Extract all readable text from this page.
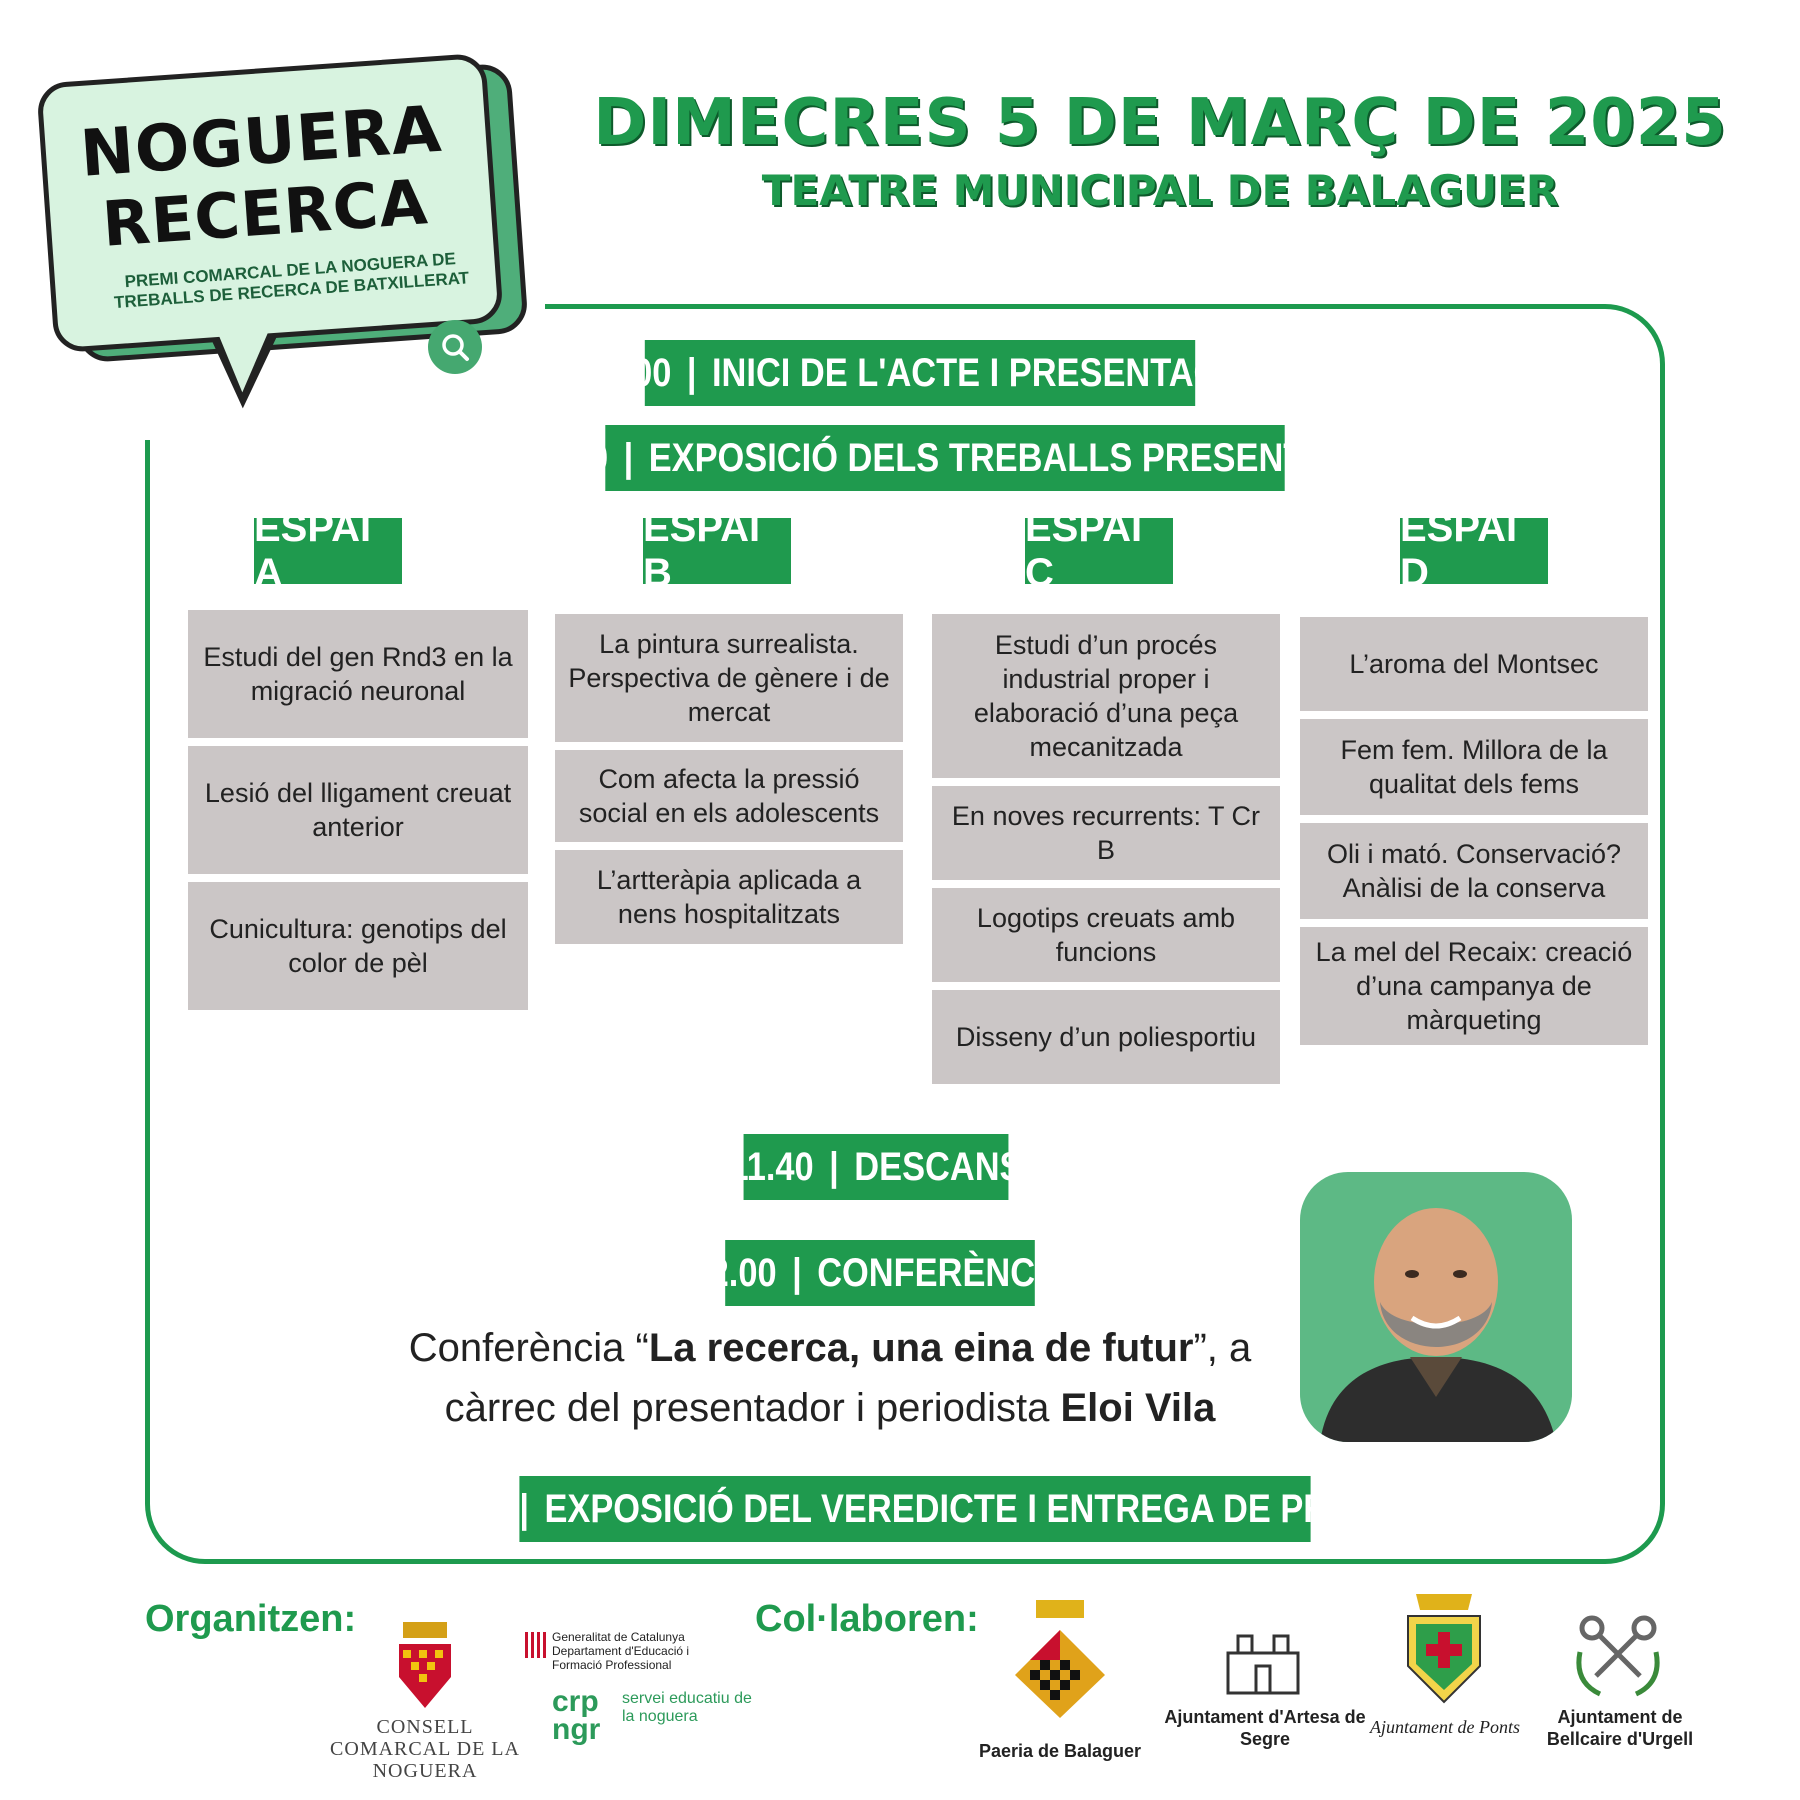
NOGUERA
RECERCA
PREMI COMARCAL DE LA NOGUERA DE TREBALLS DE RECERCA DE BATXILLERAT
DIMECRES 5 DE MARÇ DE 2025
TEATRE MUNICIPAL DE BALAGUER
10.00 | INICI DE L'ACTE I PRESENTACIÓ
10.20 | EXPOSICIÓ DELS TREBALLS PRESENTATS
ESPAI A
ESPAI B
ESPAI C
ESPAI D
Estudi del gen Rnd3 en la migració neuronal
Lesió del lligament creuat anterior
Cunicultura: genotips del color de pèl
La pintura surrealista. Perspectiva de gènere i de mercat
Com afecta la pressió social en els adolescents
L’artteràpia aplicada a nens hospitalitzats
Estudi d’un procés industrial proper i elaboració d’una peça mecanitzada
En noves recurrents: T Cr B
Logotips creuats amb funcions
Disseny d’un poliesportiu
L’aroma del Montsec
Fem fem. Millora de la qualitat dels fems
Oli i mató. Conservació? Anàlisi de la conserva
La mel del Recaix: creació d’una campanya de màrqueting
11.40 | DESCANS
12.00 | CONFERÈNCIA
Conferència “La recerca, una eina de futur”, a
càrrec del presentador i periodista Eloi Vila
13.00 | EXPOSICIÓ DEL VEREDICTE I ENTREGA DE PREMIS
Organitzen:	Col·laboren:
CONSELL COMARCAL DE LA NOGUERA
Generalitat de Catalunya Departament d'Educació i Formació Professional
crp
ngr
servei educatiu de la noguera
Paeria de Balaguer
Ajuntament d'Artesa de Segre
Ajuntament de Ponts	Ajuntament de Bellcaire d'Urgell
